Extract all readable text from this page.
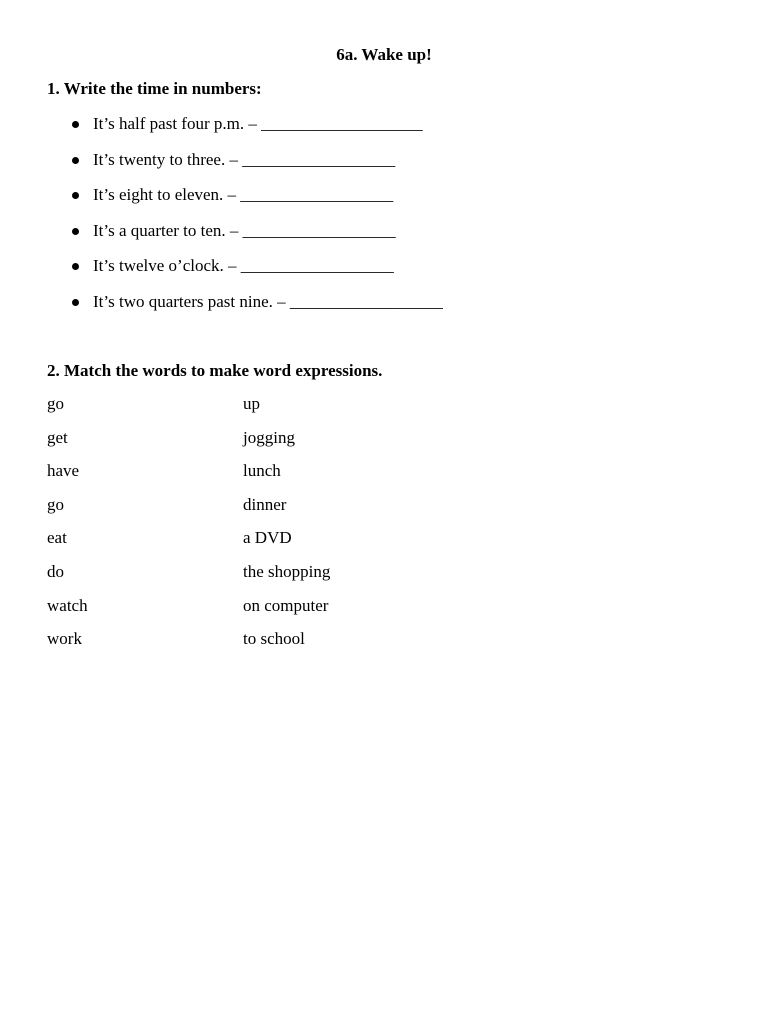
6a. Wake up!
1. Write the time in numbers:
It’s half past four p.m. – ___________________
It’s twenty to three. – __________________
It’s eight to eleven. – __________________
It’s a quarter to ten. – __________________
It’s twelve o’clock. – __________________
It’s two quarters past nine. – __________________
2. Match the words to make word expressions.
go	up
get	jogging
have	lunch
go	dinner
eat	a DVD
do	the shopping
watch	on computer
work	to school
